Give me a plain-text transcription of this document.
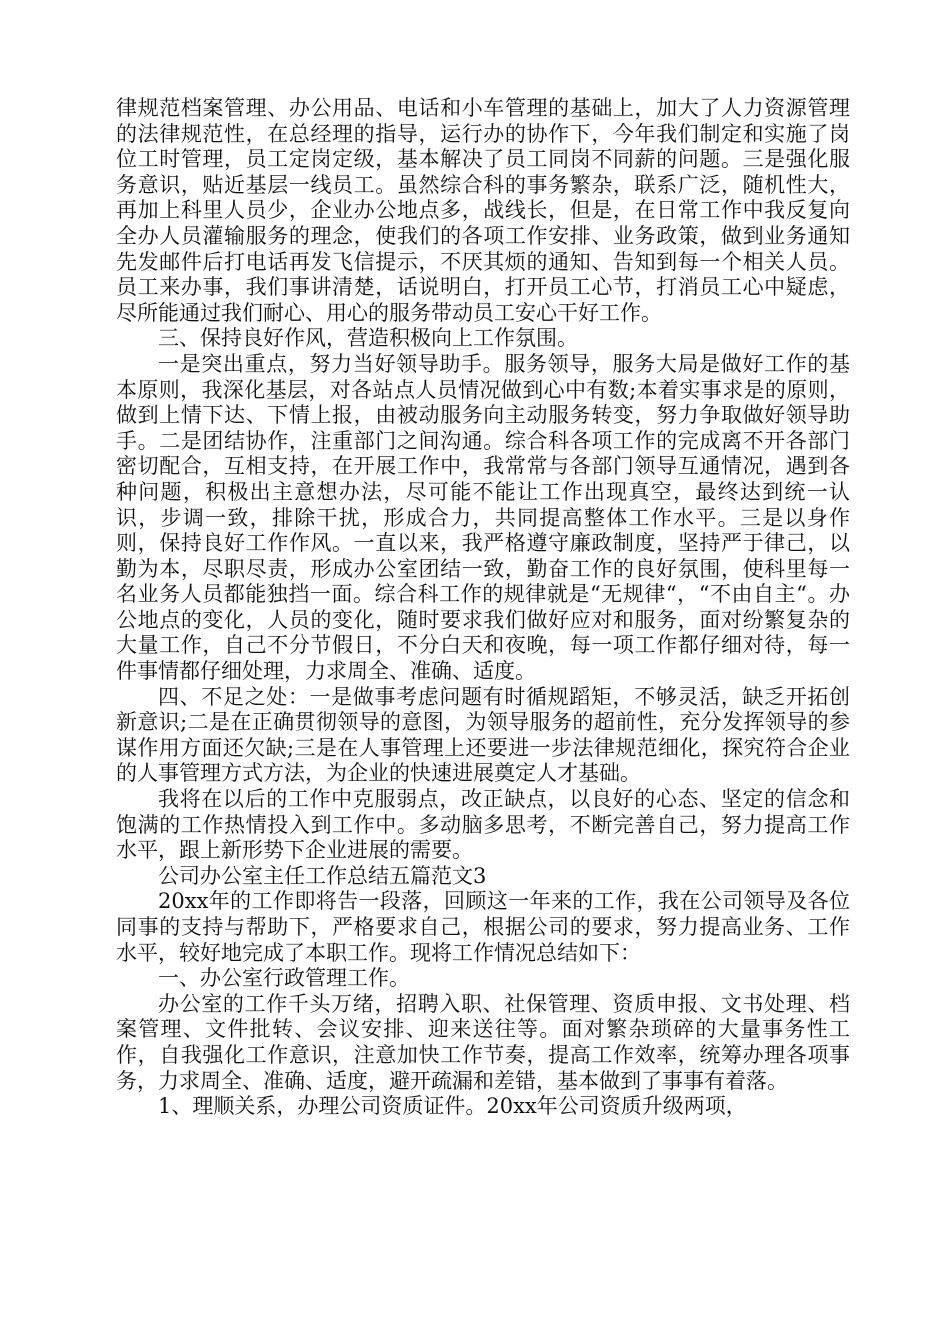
律规范档案管理、办公用品、电话和小车管理的基础上，加大了人力资源管理的法律规范性，在总经理的指导，运行办的协作下，今年我们制定和实施了岗位工时管理，员工定岗定级，基本解决了员工同岗不同薪的问题。三是强化服务意识，贴近基层一线员工。虽然综合科的事务繁杂，联系广泛，随机性大，再加上科里人员少，企业办公地点多，战线长，但是，在日常工作中我反复向全办人员灌输服务的理念，使我们的各项工作安排、业务政策，做到业务通知先发邮件后打电话再发飞信提示，不厌其烦的通知、告知到每一个相关人员。员工来办事，我们事讲清楚，话说明白，打开员工心节，打消员工心中疑虑，尽所能通过我们耐心、用心的服务带动员工安心干好工作。

三、保持良好作风，营造积极向上工作氛围。

一是突出重点，努力当好领导助手。服务领导，服务大局是做好工作的基本原则，我深化基层，对各站点人员情况做到心中有数;本着实事求是的原则，做到上情下达、下情上报，由被动服务向主动服务转变，努力争取做好领导助手。二是团结协作，注重部门之间沟通。综合科各项工作的完成离不开各部门密切配合，互相支持，在开展工作中，我常常与各部门领导互通情况，遇到各种问题，积极出主意想办法，尽可能不能让工作出现真空，最终达到统一认识，步调一致，排除干扰，形成合力，共同提高整体工作水平。三是以身作则，保持良好工作作风。一直以来，我严格遵守廉政制度，坚持严于律己，以勤为本，尽职尽责，形成办公室团结一致，勤奋工作的良好氛围，使科里每一名业务人员都能独挡一面。综合科工作的规律就是“无规律“，“不由自主“。办公地点的变化，人员的变化，随时要求我们做好应对和服务，面对纷繁复杂的大量工作，自己不分节假日，不分白天和夜晚，每一项工作都仔细对待，每一件事情都仔细处理，力求周全、准确、适度。

四、不足之处：一是做事考虑问题有时循规蹈矩，不够灵活，缺乏开拓创新意识;二是在正确贯彻领导的意图，为领导服务的超前性，充分发挥领导的参谋作用方面还欠缺;三是在人事管理上还要进一步法律规范细化，探究符合企业的人事管理方式方法，为企业的快速进展奠定人才基础。

我将在以后的工作中克服弱点，改正缺点，以良好的心态、坚定的信念和饱满的工作热情投入到工作中。多动脑多思考，不断完善自己，努力提高工作水平，跟上新形势下企业进展的需要。

公司办公室主任工作总结五篇范文3

20xx年的工作即将告一段落，回顾这一年来的工作，我在公司领导及各位同事的支持与帮助下，严格要求自己，根据公司的要求，努力提高业务、工作水平，较好地完成了本职工作。现将工作情况总结如下：

一、办公室行政管理工作。

办公室的工作千头万绪，招聘入职、社保管理、资质申报、文书处理、档案管理、文件批转、会议安排、迎来送往等。面对繁杂琐碎的大量事务性工作，自我强化工作意识，注意加快工作节奏，提高工作效率，统筹办理各项事务，力求周全、准确、适度，避开疏漏和差错，基本做到了事事有着落。

1、理顺关系，办理公司资质证件。20xx年公司资质升级两项，
